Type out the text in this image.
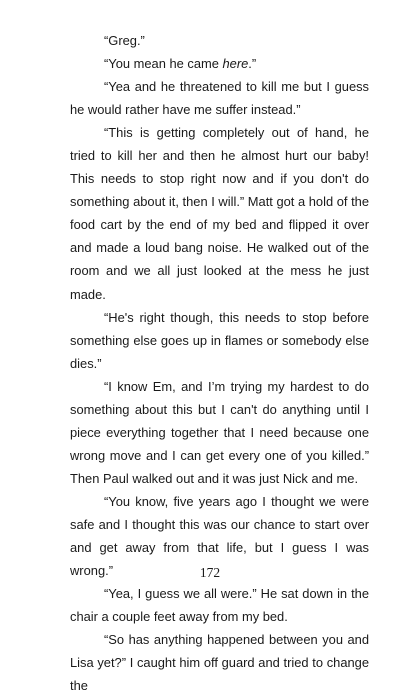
“Greg.”

“You mean he came here.”

“Yea and he threatened to kill me but I guess he would rather have me suffer instead.”

“This is getting completely out of hand, he tried to kill her and then he almost hurt our baby! This needs to stop right now and if you don't do something about it, then I will.” Matt got a hold of the food cart by the end of my bed and flipped it over and made a loud bang noise. He walked out of the room and we all just looked at the mess he just made.

“He's right though, this needs to stop before something else goes up in flames or somebody else dies.”

“I know Em, and I’m trying my hardest to do something about this but I can't do anything until I piece everything together that I need because one wrong move and I can get every one of you killed.” Then Paul walked out and it was just Nick and me.

“You know, five years ago I thought we were safe and I thought this was our chance to start over and get away from that life, but I guess I was wrong.”

“Yea, I guess we all were.” He sat down in the chair a couple feet away from my bed.

“So has anything happened between you and Lisa yet?” I caught him off guard and tried to change the

172
